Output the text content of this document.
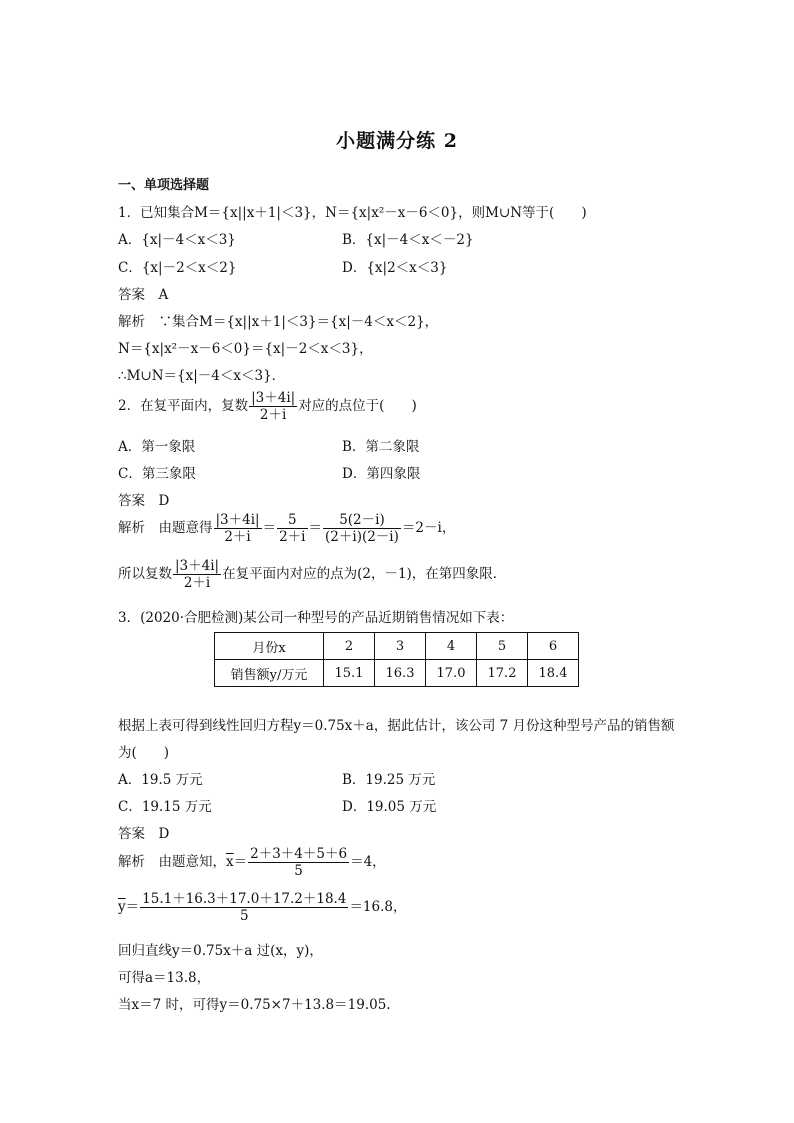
小题满分练 2
一、单项选择题
1．已知集合M＝{x||x＋1|＜3}，N＝{x|x²－x－6＜0}，则M∪N等于(　　)
A．{x|－4＜x＜3}	B．{x|－4＜x＜－2}
C．{x|－2＜x＜2}	D．{x|2＜x＜3}
答案　A
解析　∵集合M＝{x||x＋1|＜3}＝{x|－4＜x＜2}，
N＝{x|x²－x－6＜0}＝{x|－2＜x＜3}，
∴M∪N＝{x|－4＜x＜3}．
2．在复平面内，复数 $\frac{|3+4i|}{2+i}$ 对应的点位于(　　)
A．第一象限	B．第二象限
C．第三象限	D．第四象限
答案　D
解析　由题意得 $\frac{|3+4i|}{2+i} = \frac{5}{2+i} = \frac{5(2-i)}{(2+i)(2-i)} =2-i$，
所以复数 $\frac{|3+4i|}{2+i}$ 在复平面内对应的点为(2，－1)，在第四象限．
3．(2020·合肥检测)某公司一种型号的产品近期销售情况如下表：
月份x	2	3	4	5	6
销售额y/万元	15.1	16.3	17.0	17.2	18.4
根据上表可得到线性回归方程y＝0.75x＋a，据此估计，该公司 7 月份这种型号产品的销售额
为(　　)
A．19.5 万元	B．19.25 万元
C．19.15 万元	D．19.05 万元
答案　D
解析　由题意知，$\overline{x}= \frac{2+3+4+5+6}{5} =4$，
$\overline{y}= \frac{15.1+16.3+17.0+17.2+18.4}{5} =16.8$，
回归直线y＝0.75x＋a 过(x，y)，
可得a＝13.8，
当x＝7 时，可得y＝0.75×7＋13.8＝19.05.
